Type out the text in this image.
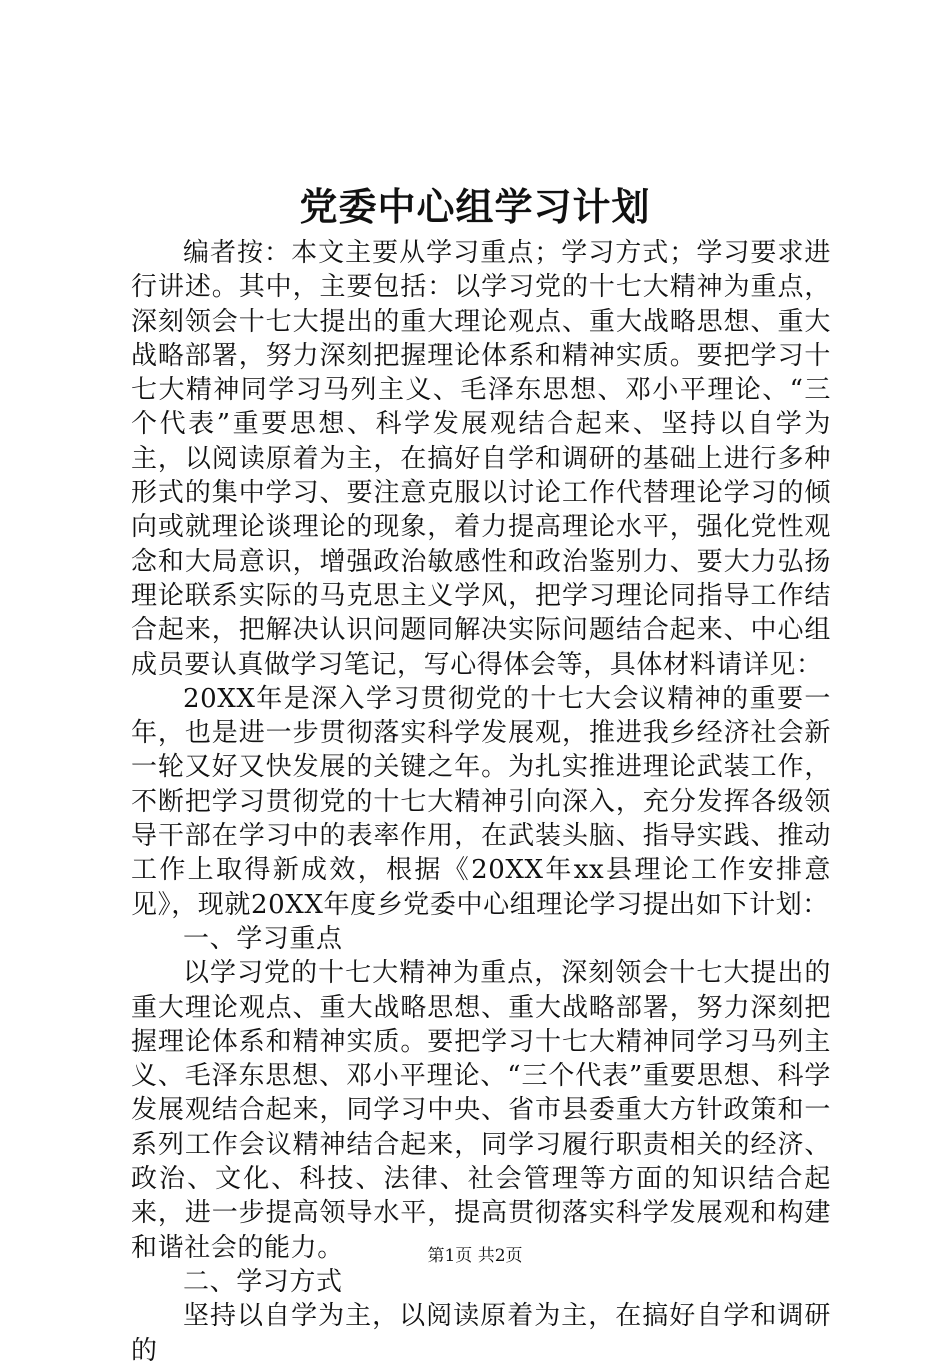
党委中心组学习计划

编者按：本文主要从学习重点；学习方式；学习要求进行讲述。其中，主要包括：以学习党的十七大精神为重点，深刻领会十七大提出的重大理论观点、重大战略思想、重大战略部署，努力深刻把握理论体系和精神实质。要把学习十七大精神同学习马列主义、毛泽东思想、邓小平理论、“三个代表”重要思想、科学发展观结合起来、坚持以自学为主，以阅读原着为主，在搞好自学和调研的基础上进行多种形式的集中学习、要注意克服以讨论工作代替理论学习的倾向或就理论谈理论的现象，着力提高理论水平，强化党性观念和大局意识，增强政治敏感性和政治鉴别力、要大力弘扬理论联系实际的马克思主义学风，把学习理论同指导工作结合起来，把解决认识问题同解决实际问题结合起来、中心组成员要认真做学习笔记，写心得体会等，具体材料请详见：

20XX年是深入学习贯彻党的十七大会议精神的重要一年，也是进一步贯彻落实科学发展观，推进我乡经济社会新一轮又好又快发展的关键之年。为扎实推进理论武装工作，不断把学习贯彻党的十七大精神引向深入，充分发挥各级领导干部在学习中的表率作用，在武装头脑、指导实践、推动工作上取得新成效，根据《20XX年xx县理论工作安排意见》，现就20XX年度乡党委中心组理论学习提出如下计划：

一、学习重点

以学习党的十七大精神为重点，深刻领会十七大提出的重大理论观点、重大战略思想、重大战略部署，努力深刻把握理论体系和精神实质。要把学习十七大精神同学习马列主义、毛泽东思想、邓小平理论、“三个代表”重要思想、科学发展观结合起来，同学习中央、省市县委重大方针政策和一系列工作会议精神结合起来，同学习履行职责相关的经济、政治、文化、科技、法律、社会管理等方面的知识结合起来，进一步提高领导水平，提高贯彻落实科学发展观和构建和谐社会的能力。

二、学习方式

坚持以自学为主，以阅读原着为主，在搞好自学和调研的

第1页 共2页
